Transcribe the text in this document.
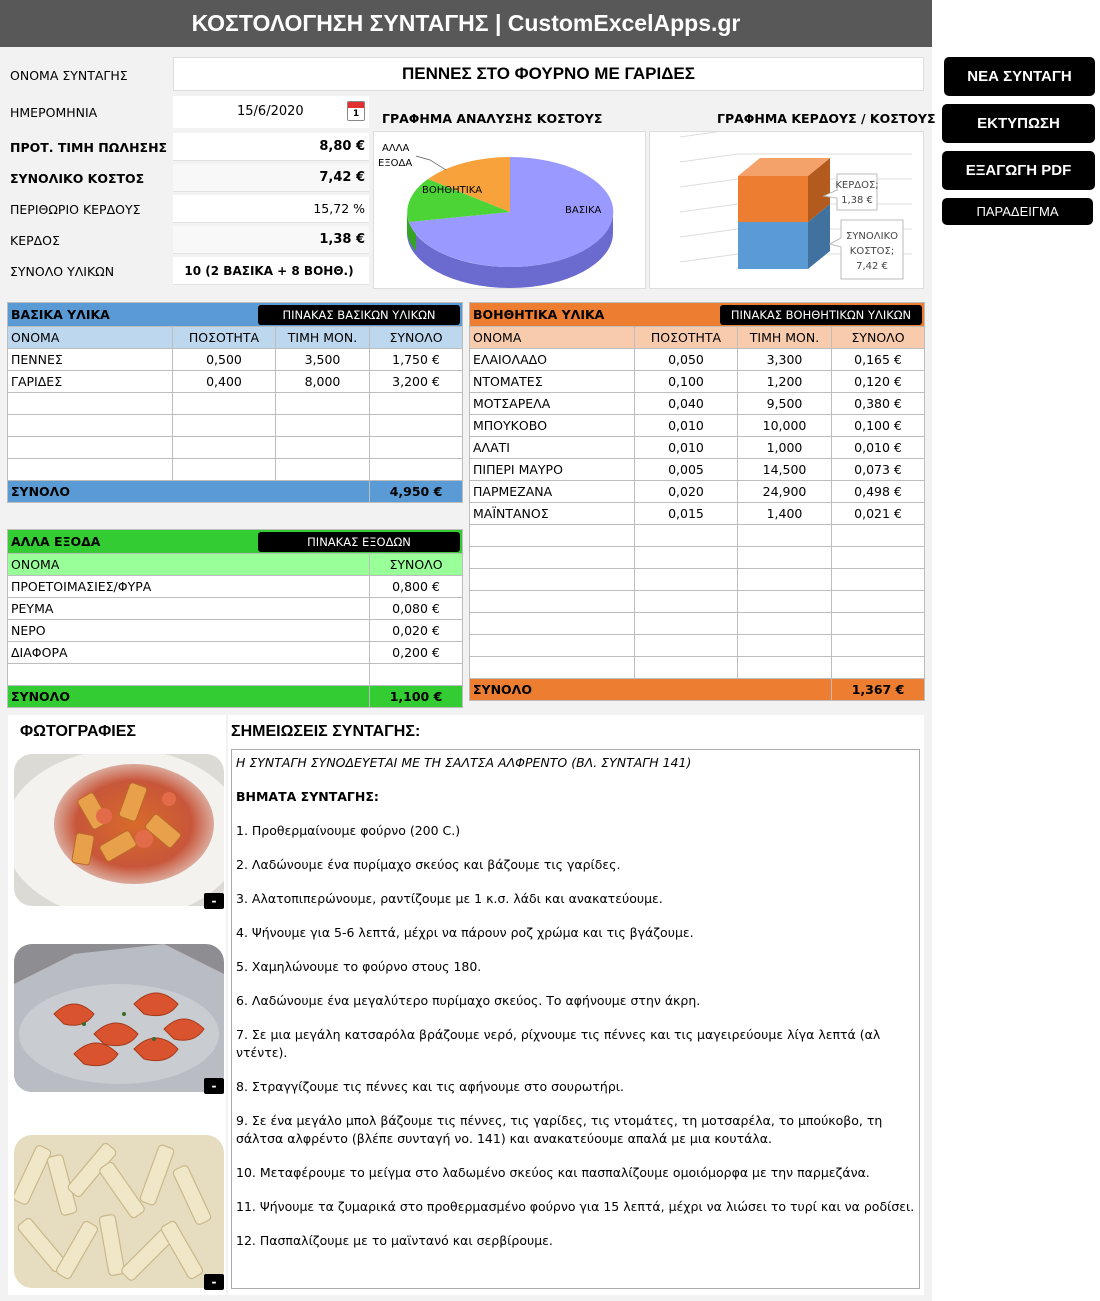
ΚΟΣΤΟΛΟΓΗΣΗ ΣΥΝΤΑΓΗΣ | CustomExcelApps.gr
ΝΕΑ ΣΥΝΤΑΓΗ
ΕΚΤΥΠΩΣΗ
ΕΞΑΓΩΓΗ PDF
ΠΑΡΑΔΕΙΓΜΑ
ΟΝΟΜΑ ΣΥΝΤΑΓΗΣ	ΠΕΝΝΕΣ ΣΤΟ ΦΟΥΡΝΟ ΜΕ ΓΑΡΙΔΕΣ
ΗΜΕΡΟΜΗΝΙΑ	15/6/2020	1
ΠΡΟΤ. ΤΙΜΗ ΠΩΛΗΣΗΣ	8,80 €
ΣΥΝΟΛΙΚΟ ΚΟΣΤΟΣ	7,42 €
ΠΕΡΙΘΩΡΙΟ ΚΕΡΔΟΥΣ	15,72 %
ΚΕΡΔΟΣ	1,38 €
ΣΥΝΟΛΟ ΥΛΙΚΩΝ	10 (2 ΒΑΣΙΚΑ + 8 ΒΟΗΘ.)
ΓΡΑΦΗΜΑ ΑΝΑΛΥΣΗΣ ΚΟΣΤΟΥΣ
ΒΑΣΙΚΑ
ΒΟΗΘΗΤΙΚΑ
ΑΛΛΑ
ΕΞΟΔΑ
ΓΡΑΦΗΜΑ ΚΕΡΔΟΥΣ / ΚΟΣΤΟΥΣ
ΚΕΡΔΟΣ;
1,38 €
ΣΥΝΟΛΙΚΟ
ΚΟΣΤΟΣ;
7,42 €
ΒΑΣΙΚΑ ΥΛΙΚΑ ΠΙΝΑΚΑΣ ΒΑΣΙΚΩΝ ΥΛΙΚΩΝ			

ΟΝΟΜΑ	ΠΟΣΟΤΗΤΑ	ΤΙΜΗ ΜΟΝ.	ΣΥΝΟΛΟ
ΠΕΝΝΕΣ	0,500	3,500	1,750 €
ΓΑΡΙΔΕΣ	0,400	8,000	3,200 €

ΣΥΝΟΛΟ			4,950 €
ΑΛΛΑ ΕΞΟΔΑ ΠΙΝΑΚΑΣ ΕΞΟΔΩΝ	

ΟΝΟΜΑ	ΣΥΝΟΛΟ
ΠΡΟΕΤΟΙΜΑΣΙΕΣ/ΦΥΡΑ	0,800 €
ΡΕΥΜΑ	0,080 €
ΝΕΡΟ	0,020 €
ΔΙΑΦΟΡΑ	0,200 €

ΣΥΝΟΛΟ	1,100 €
ΒΟΗΘΗΤΙΚΑ ΥΛΙΚΑ ΠΙΝΑΚΑΣ ΒΟΗΘΗΤΙΚΩΝ ΥΛΙΚΩΝ			

ΟΝΟΜΑ	ΠΟΣΟΤΗΤΑ	ΤΙΜΗ ΜΟΝ.	ΣΥΝΟΛΟ
ΕΛΑΙΟΛΑΔΟ	0,050	3,300	0,165 €
ΝΤΟΜΑΤΕΣ	0,100	1,200	0,120 €
ΜΟΤΣΑΡΕΛΑ	0,040	9,500	0,380 €
ΜΠΟΥΚΟΒΟ	0,010	10,000	0,100 €
ΑΛΑΤΙ	0,010	1,000	0,010 €
ΠΙΠΕΡΙ ΜΑΥΡΟ	0,005	14,500	0,073 €
ΠΑΡΜΕΖΑΝΑ	0,020	24,900	0,498 €
ΜΑΪΝΤΑΝΟΣ	0,015	1,400	0,021 €

ΣΥΝΟΛΟ			1,367 €
ΦΩΤΟΓΡΑΦΙΕΣ
-
-
-
ΣΗΜΕΙΩΣΕΙΣ ΣΥΝΤΑΓΗΣ:

Η ΣΥΝΤΑΓΗ ΣΥΝΟΔΕΥΕΤΑΙ ΜΕ ΤΗ ΣΑΛΤΣΑ ΑΛΦΡΕΝΤΟ (ΒΛ. ΣΥΝΤΑΓΗ 141)

ΒΗΜΑΤΑ ΣΥΝΤΑΓΗΣ:

1. Προθερμαίνουμε φούρνο (200 C.)

2. Λαδώνουμε ένα πυρίμαχο σκεύος και βάζουμε τις γαρίδες.

3. Αλατοπιπερώνουμε, ραντίζουμε με 1 κ.σ. λάδι και ανακατεύουμε.

4. Ψήνουμε για 5-6 λεπτά, μέχρι να πάρουν ροζ χρώμα και τις βγάζουμε.

5. Χαμηλώνουμε το φούρνο στους 180.

6. Λαδώνουμε ένα μεγαλύτερο πυρίμαχο σκεύος. Το αφήνουμε στην άκρη.

7. Σε μια μεγάλη κατσαρόλα βράζουμε νερό, ρίχνουμε τις πέννες και τις μαγειρεύουμε λίγα λεπτά (αλ ντέντε).

8. Στραγγίζουμε τις πέννες και τις αφήνουμε στο σουρωτήρι.

9. Σε ένα μεγάλο μπολ βάζουμε τις πέννες, τις γαρίδες, τις ντομάτες, τη μοτσαρέλα, το μπούκοβο, τη σάλτσα αλφρέντο (βλέπε συνταγή νο. 141) και ανακατεύουμε απαλά με μια κουτάλα.

10. Μεταφέρουμε το μείγμα στο λαδωμένο σκεύος και πασπαλίζουμε ομοιόμορφα με την παρμεζάνα.

11. Ψήνουμε τα ζυμαρικά στο προθερμασμένο φούρνο για 15 λεπτά, μέχρι να λιώσει το τυρί και να ροδίσει.

12. Πασπαλίζουμε με το μαϊντανό και σερβίρουμε.
